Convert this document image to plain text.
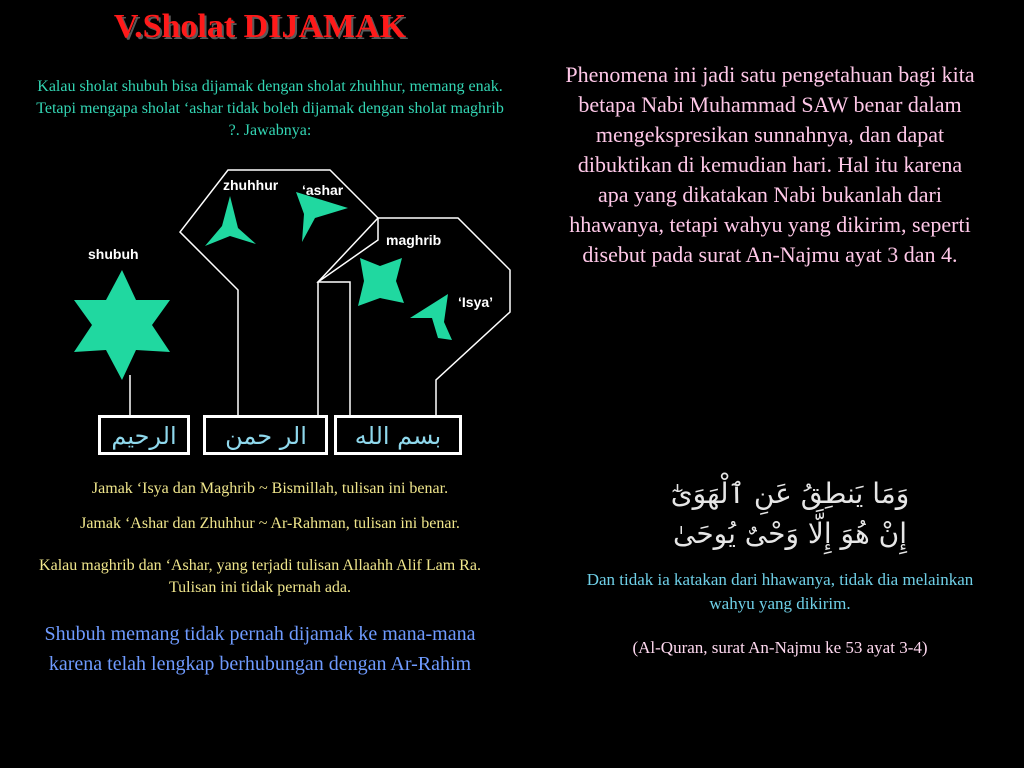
V.Sholat DIJAMAK
Kalau sholat shubuh bisa dijamak dengan sholat zhuhhur, memang enak. Tetapi mengapa sholat ‘ashar tidak boleh dijamak dengan sholat maghrib ?. Jawabnya:
shubuh
zhuhhur ‘ashar
maghrib
‘Isya’
الرحيم الر حمن بسم الله
وَمَا يَنطِقُ عَنِ ٱلْهَوَىٰٓ
إِنْ هُوَ إِلَّا وَحْىٌ يُوحَىٰ
Jamak ‘Isya dan Maghrib ~ Bismillah, tulisan ini benar.
Jamak ‘Ashar dan Zhuhhur ~ Ar-Rahman, tulisan ini benar.
Kalau maghrib dan ‘Ashar, yang terjadi tulisan Allaahh Alif Lam Ra. Tulisan ini tidak pernah ada.
Shubuh memang tidak pernah dijamak ke mana-mana karena telah lengkap berhubungan dengan Ar-Rahim
Phenomena ini jadi satu pengetahuan bagi kita betapa Nabi Muhammad SAW benar dalam mengekspresikan sunnahnya, dan dapat dibuktikan di kemudian hari. Hal itu karena apa yang dikatakan Nabi bukanlah dari hhawanya, tetapi wahyu yang dikirim, seperti disebut pada surat An-Najmu ayat 3 dan 4.
Dan tidak ia katakan dari hhawanya, tidak dia melainkan wahyu yang dikirim.
(Al-Quran, surat An-Najmu ke 53 ayat 3-4)
